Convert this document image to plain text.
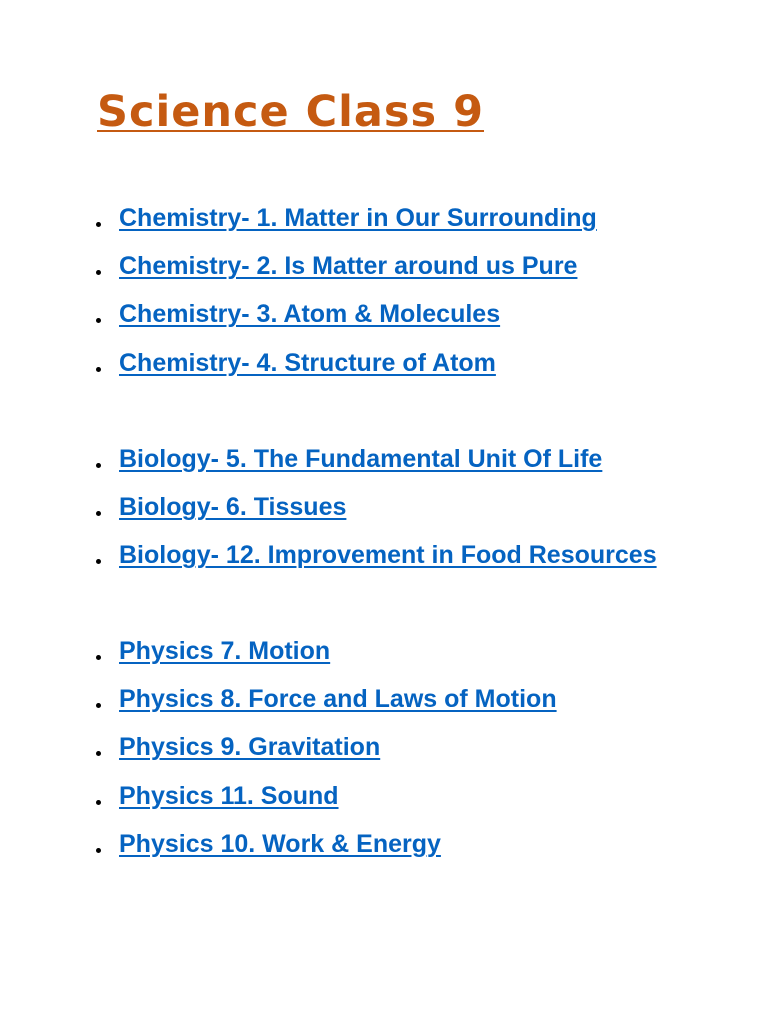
Science Class 9
Chemistry- 1. Matter in Our Surrounding
Chemistry- 2. Is Matter around us Pure
Chemistry- 3. Atom & Molecules
Chemistry- 4. Structure of Atom
Biology- 5. The Fundamental Unit Of Life
Biology- 6. Tissues
Biology- 12. Improvement in Food Resources
Physics 7. Motion
Physics 8. Force and Laws of Motion
Physics 9. Gravitation
Physics 11. Sound
Physics 10. Work & Energy
